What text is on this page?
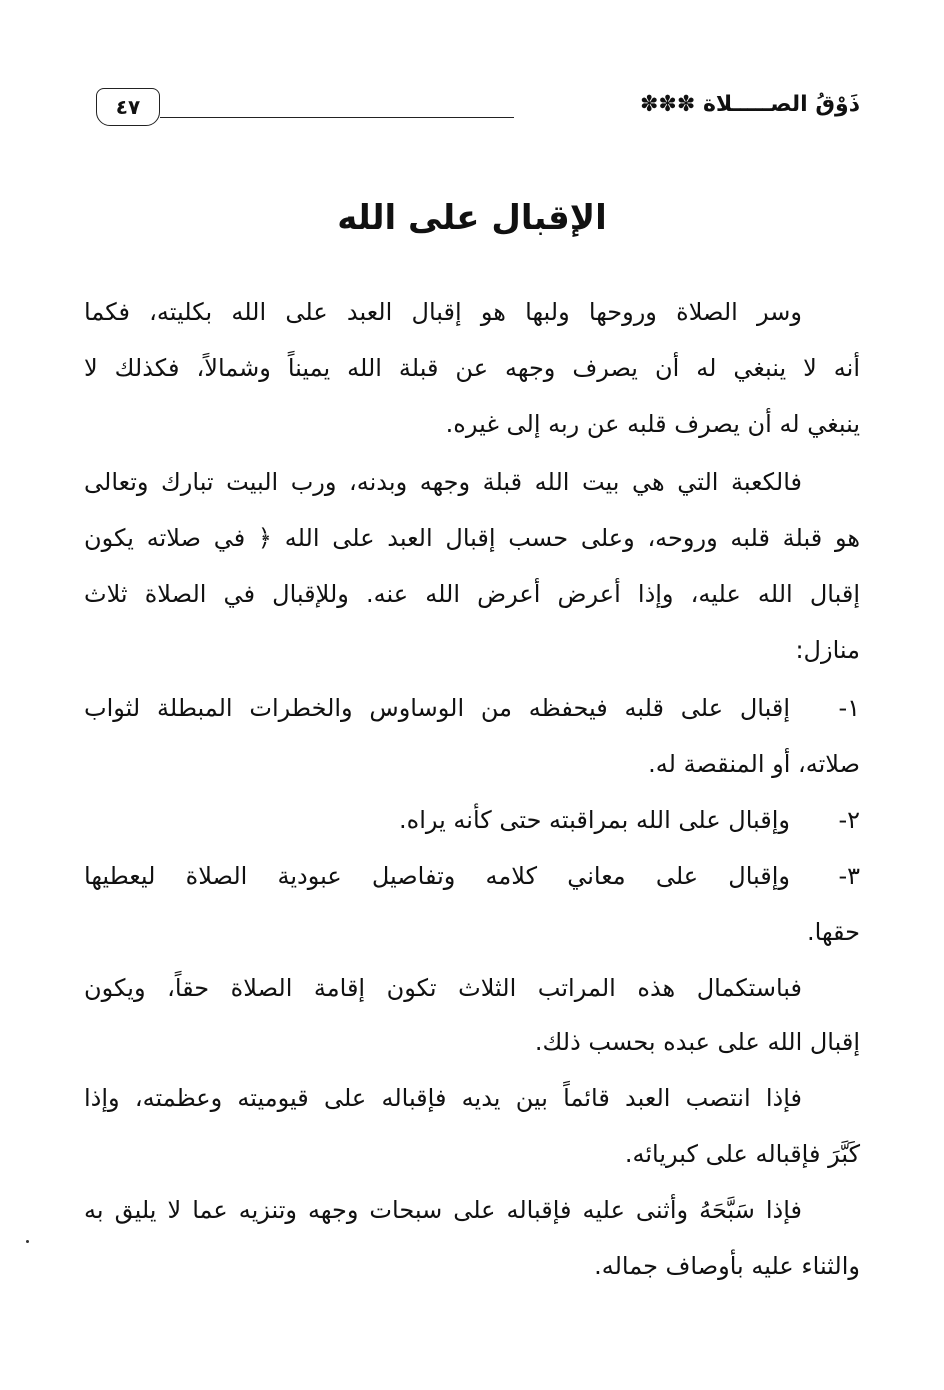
ذَوْقُ الصـــــلاة ✽✽✽
٤٧
الإقبال على الله
وسر الصلاة وروحها ولبها هو إقبال العبد على الله بكليته، فكما
أنه لا ينبغي له أن يصرف وجهه عن قبلة الله يميناً وشمالاً، فكذلك لا
ينبغي له أن يصرف قلبه عن ربه إلى غيره.
فالكعبة التي هي بيت الله قبلة وجهه وبدنه، ورب البيت تبارك وتعالى
هو قبلة قلبه وروحه، وعلى حسب إقبال العبد على الله ﴿ في صلاته يكون
إقبال الله عليه، وإذا أعرض أعرض الله عنه. وللإقبال في الصلاة ثلاث
منازل:
١-إقبال على قلبه فيحفظه من الوساوس والخطرات المبطلة لثواب
صلاته، أو المنقصة له.
٢-وإقبال على الله بمراقبته حتى كأنه يراه.
٣-وإقبال على معاني كلامه وتفاصيل عبودية الصلاة ليعطيها
حقها.
فباستكمال هذه المراتب الثلاث تكون إقامة الصلاة حقاً، ويكون
إقبال الله على عبده بحسب ذلك.
فإذا انتصب العبد قائماً بين يديه فإقباله على قيوميته وعظمته، وإذا
كَبَّرَ فإقباله على كبريائه.
فإذا سَبَّحَهُ وأثنى عليه فإقباله على سبحات وجهه وتنزيه عما لا يليق به
والثناء عليه بأوصاف جماله.
